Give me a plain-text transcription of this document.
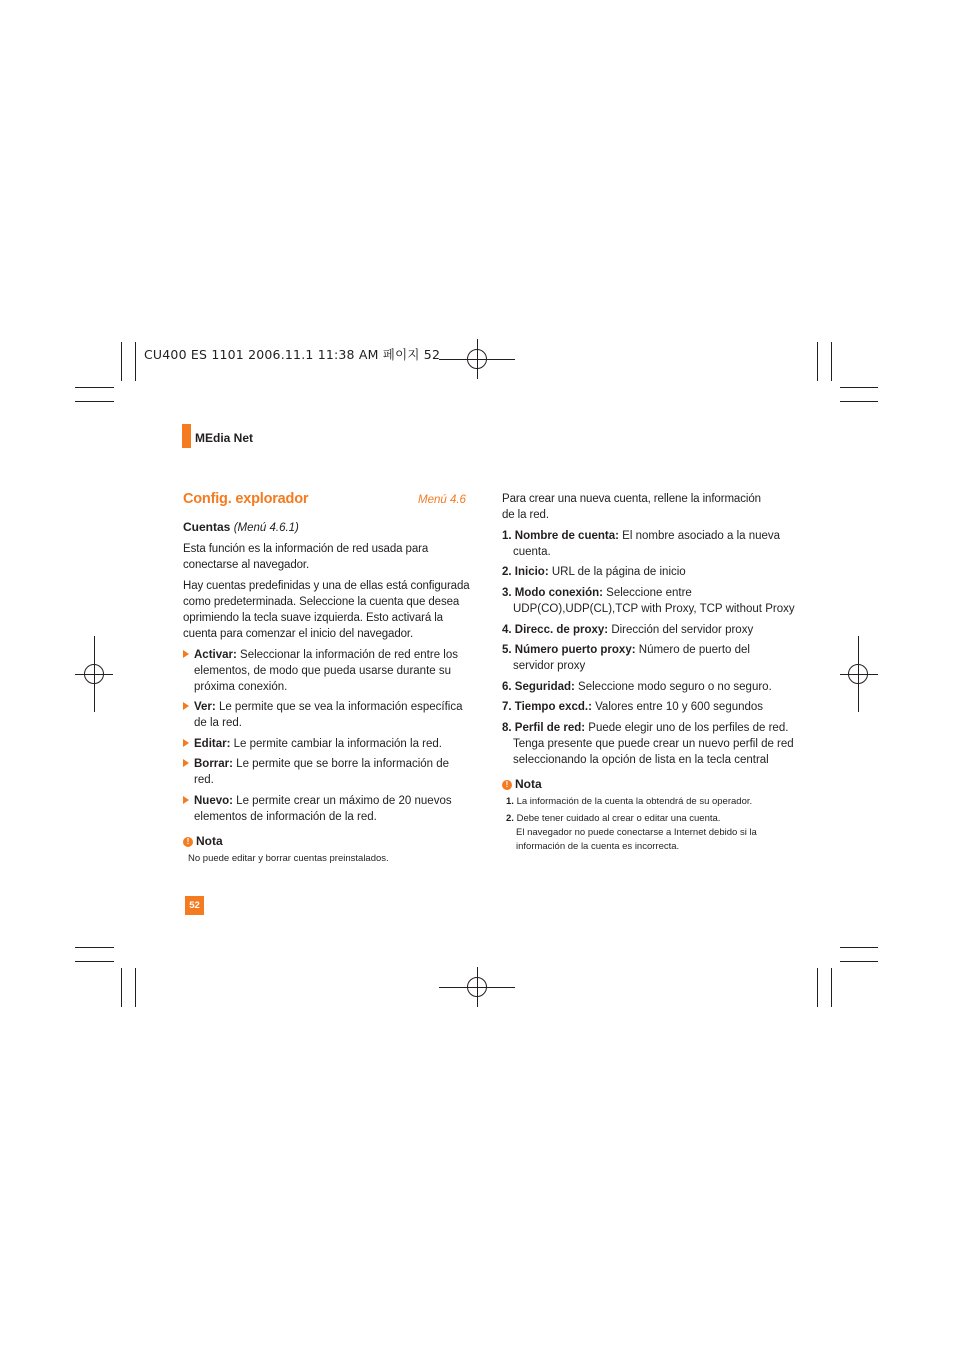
CU400 ES 1101 2006.11.1 11:38 AM 페이지 52
MEdia Net
Config. explorador	Menú 4.6
Cuentas (Menú 4.6.1)
Esta función es la información de red usada para
conectarse al navegador.
Hay cuentas predefinidas y una de ellas está configurada
como predeterminada. Seleccione la cuenta que desea
oprimiendo la tecla suave izquierda. Esto activará la
cuenta para comenzar el inicio del navegador.
Activar: Seleccionar la información de red entre los
elementos, de modo que pueda usarse durante su
próxima conexión.
Ver: Le permite que se vea la información específica
de la red.
Editar: Le permite cambiar la información la red.
Borrar: Le permite que se borre la información de
red.
Nuevo: Le permite crear un máximo de 20 nuevos
elementos de información de la red.
! Nota
No puede editar y borrar cuentas preinstalados.
52
Para crear una nueva cuenta, rellene la información
de la red.
1. Nombre de cuenta: El nombre asociado a la nueva
cuenta.
2. Inicio: URL de la página de inicio
3. Modo conexión: Seleccione entre
UDP(CO),UDP(CL),TCP with Proxy, TCP without Proxy
4. Direcc. de proxy: Dirección del servidor proxy
5. Número puerto proxy: Número de puerto del
servidor proxy
6. Seguridad: Seleccione modo seguro o no seguro.
7. Tiempo excd.: Valores entre 10 y 600 segundos
8. Perfil de red: Puede elegir uno de los perfiles de red.
Tenga presente que puede crear un nuevo perfil de red
seleccionando la opción de lista en la tecla central
! Nota
1. La información de la cuenta la obtendrá de su operador.
2. Debe tener cuidado al crear o editar una cuenta.
El navegador no puede conectarse a Internet debido si la
información de la cuenta es incorrecta.
